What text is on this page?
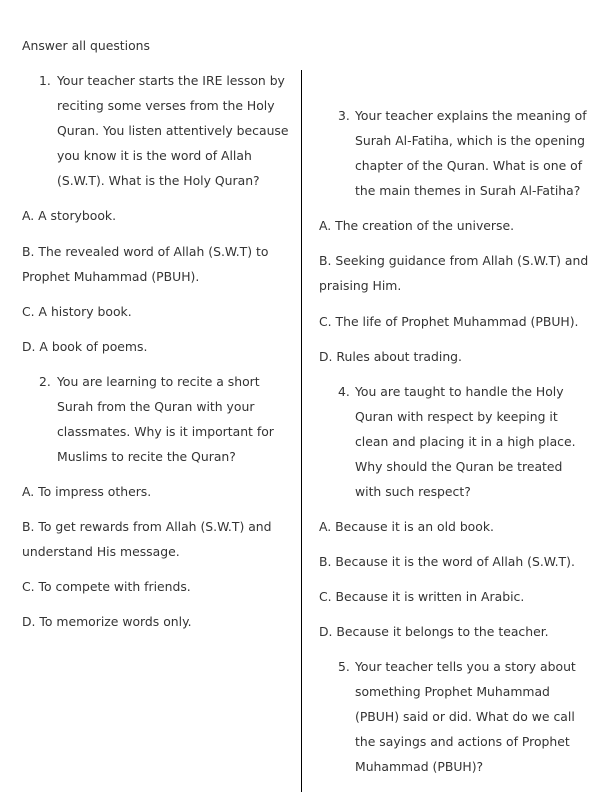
Answer all questions
1. Your teacher starts the IRE lesson by
reciting some verses from the Holy
Quran. You listen attentively because
you know it is the word of Allah
(S.W.T). What is the Holy Quran?
A. A storybook.
B. The revealed word of Allah (S.W.T) to
Prophet Muhammad (PBUH).
C. A history book.
D. A book of poems.
2. You are learning to recite a short
Surah from the Quran with your
classmates. Why is it important for
Muslims to recite the Quran?
A. To impress others.
B. To get rewards from Allah (S.W.T) and
understand His message.
C. To compete with friends.
D. To memorize words only.
3. Your teacher explains the meaning of
Surah Al-Fatiha, which is the opening
chapter of the Quran. What is one of
the main themes in Surah Al-Fatiha?
A. The creation of the universe.
B. Seeking guidance from Allah (S.W.T) and
praising Him.
C. The life of Prophet Muhammad (PBUH).
D. Rules about trading.
4. You are taught to handle the Holy
Quran with respect by keeping it
clean and placing it in a high place.
Why should the Quran be treated
with such respect?
A. Because it is an old book.
B. Because it is the word of Allah (S.W.T).
C. Because it is written in Arabic.
D. Because it belongs to the teacher.
5. Your teacher tells you a story about
something Prophet Muhammad
(PBUH) said or did. What do we call
the sayings and actions of Prophet
Muhammad (PBUH)?
